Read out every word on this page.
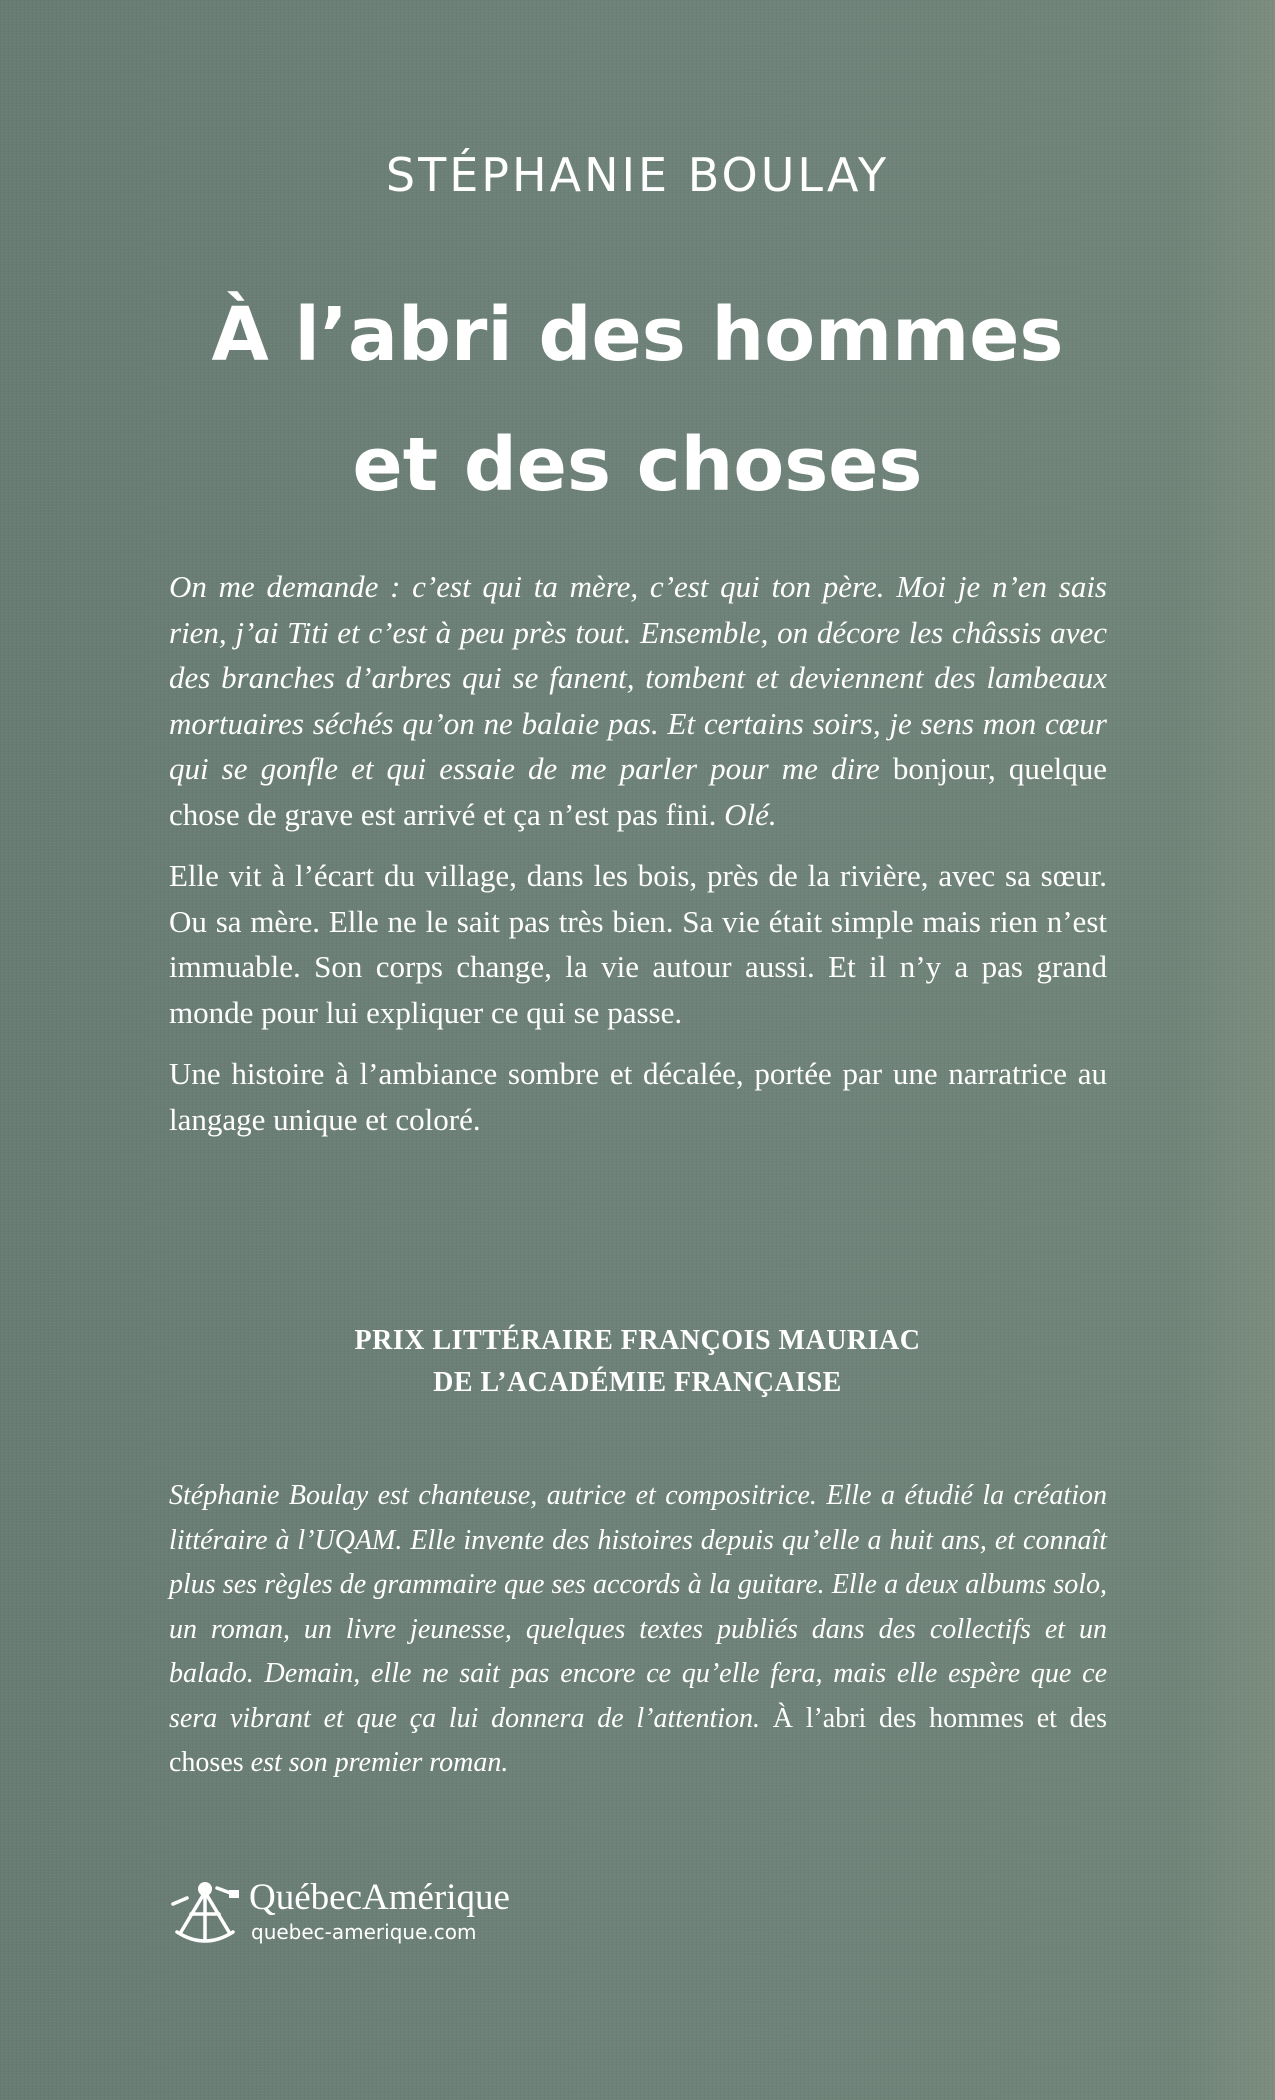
STÉPHANIE BOULAY
À l’abri des hommes
et des choses

On me demande : c’est qui ta mère, c’est qui ton père. Moi je n’en sais rien, j’ai Titi et c’est à peu près tout. Ensemble, on décore les châssis avec des branches d’arbres qui se fanent, tombent et deviennent des lambeaux mortuaires séchés qu’on ne balaie pas. Et certains soirs, je sens mon cœur qui se gonfle et qui essaie de me parler pour me dire bonjour, quelque chose de grave est arrivé et ça n’est pas fini. Olé.

Elle vit à l’écart du village, dans les bois, près de la rivière, avec sa sœur. Ou sa mère. Elle ne le sait pas très bien. Sa vie était simple mais rien n’est immuable. Son corps change, la vie autour aussi. Et il n’y a pas grand monde pour lui expliquer ce qui se passe.

Une histoire à l’ambiance sombre et décalée, portée par une narratrice au langage unique et coloré.

PRIX LITTÉRAIRE FRANÇOIS MAURIAC
DE L’ACADÉMIE FRANÇAISE

Stéphanie Boulay est chanteuse, autrice et compositrice. Elle a étudié la création littéraire à l’UQAM. Elle invente des histoires depuis qu’elle a huit ans, et connaît plus ses règles de grammaire que ses accords à la guitare. Elle a deux albums solo, un roman, un livre jeunesse, quelques textes publiés dans des collectifs et un balado. Demain, elle ne sait pas encore ce qu’elle fera, mais elle espère que ce sera vibrant et que ça lui donnera de l’attention. À l’abri des hommes et des choses est son premier roman.

QuébecAmérique
quebec-amerique.com
